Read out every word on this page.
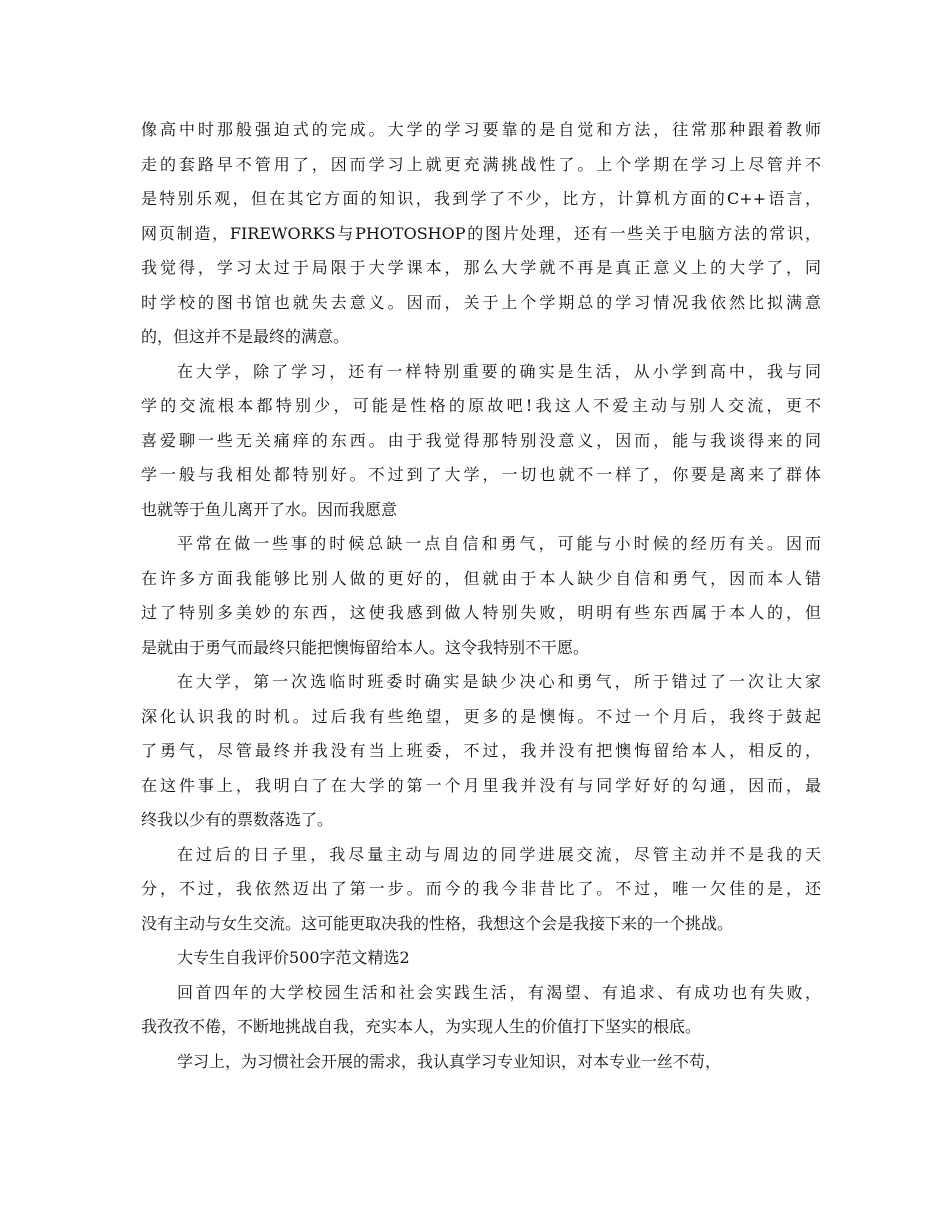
像高中时那般强迫式的完成。大学的学习要靠的是自觉和方法，往常那种跟着教师
走的套路早不管用了，因而学习上就更充满挑战性了。上个学期在学习上尽管并不
是特别乐观，但在其它方面的知识，我到学了不少，比方，计算机方面的C++语言，
网页制造，FIREWORKS与PHOTOSHOP的图片处理，还有一些关于电脑方法的常识，
我觉得，学习太过于局限于大学课本，那么大学就不再是真正意义上的大学了，同
时学校的图书馆也就失去意义。因而，关于上个学期总的学习情况我依然比拟满意
的，但这并不是最终的满意。
在大学，除了学习，还有一样特别重要的确实是生活，从小学到高中，我与同
学的交流根本都特别少，可能是性格的原故吧!我这人不爱主动与别人交流，更不
喜爱聊一些无关痛痒的东西。由于我觉得那特别没意义，因而，能与我谈得来的同
学一般与我相处都特别好。不过到了大学，一切也就不一样了，你要是离来了群体
也就等于鱼儿离开了水。因而我愿意
平常在做一些事的时候总缺一点自信和勇气，可能与小时候的经历有关。因而
在许多方面我能够比别人做的更好的，但就由于本人缺少自信和勇气，因而本人错
过了特别多美妙的东西，这使我感到做人特别失败，明明有些东西属于本人的，但
是就由于勇气而最终只能把懊悔留给本人。这令我特别不干愿。
在大学，第一次选临时班委时确实是缺少决心和勇气，所于错过了一次让大家
深化认识我的时机。过后我有些绝望，更多的是懊悔。不过一个月后，我终于鼓起
了勇气，尽管最终并我没有当上班委，不过，我并没有把懊悔留给本人，相反的，
在这件事上，我明白了在大学的第一个月里我并没有与同学好好的勾通，因而，最
终我以少有的票数落选了。
在过后的日子里，我尽量主动与周边的同学进展交流，尽管主动并不是我的天
分，不过，我依然迈出了第一步。而今的我今非昔比了。不过，唯一欠佳的是，还
没有主动与女生交流。这可能更取决我的性格，我想这个会是我接下来的一个挑战。
大专生自我评价500字范文精选2
回首四年的大学校园生活和社会实践生活，有渴望、有追求、有成功也有失败，
我孜孜不倦，不断地挑战自我，充实本人，为实现人生的价值打下坚实的根底。
学习上，为习惯社会开展的需求，我认真学习专业知识，对本专业一丝不苟，
